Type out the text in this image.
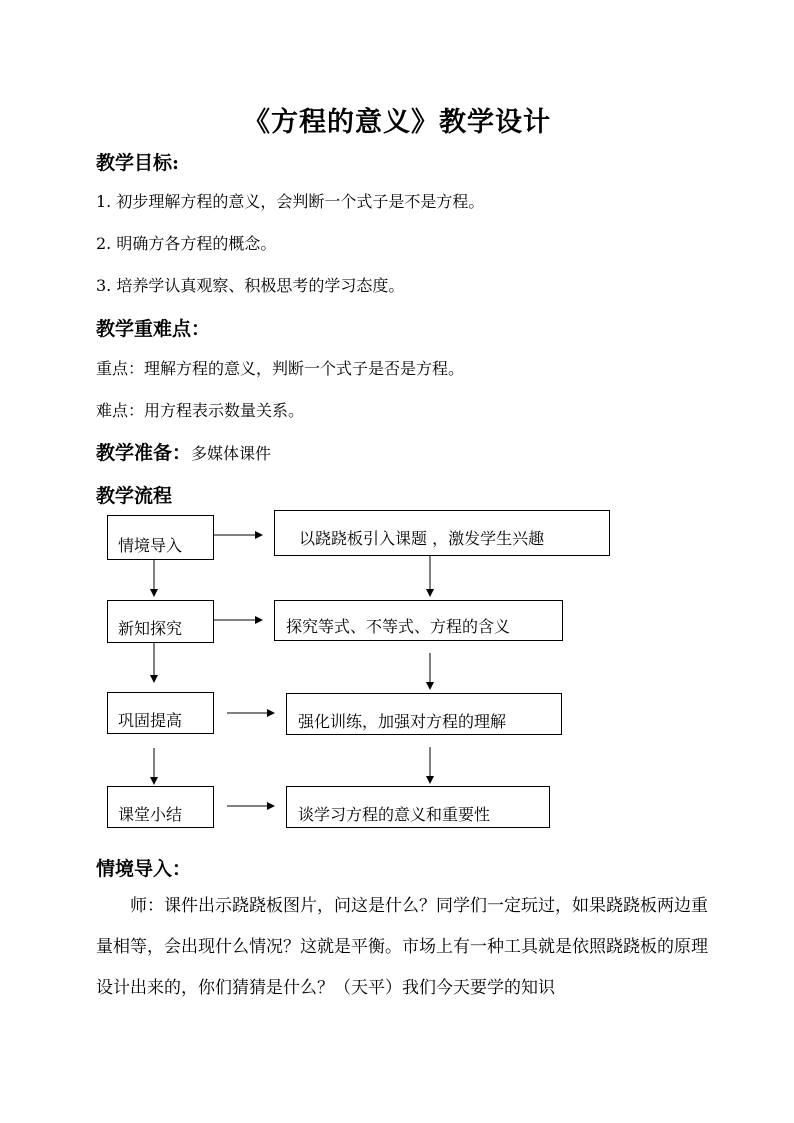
《方程的意义》教学设计
教学目标:
1. 初步理解方程的意义，会判断一个式子是不是方程。
2. 明确方各方程的概念。
3. 培养学认真观察、积极思考的学习态度。
教学重难点：
重点：理解方程的意义，判断一个式子是否是方程。
难点：用方程表示数量关系。
教学准备：多媒体课件
教学流程
情境导入	以跷跷板引入课题 ，激发学生兴趣
新知探究	探究等式、不等式、方程的含义
巩固提高	强化训练，加强对方程的理解
课堂小结	谈学习方程的意义和重要性
情境导入：
师：课件出示跷跷板图片，问这是什么？同学们一定玩过，如果跷跷板两边重量相等，会出现什么情况？这就是平衡。市场上有一种工具就是依照跷跷板的原理设计出来的，你们猜猜是什么？（天平）我们今天要学的知识
